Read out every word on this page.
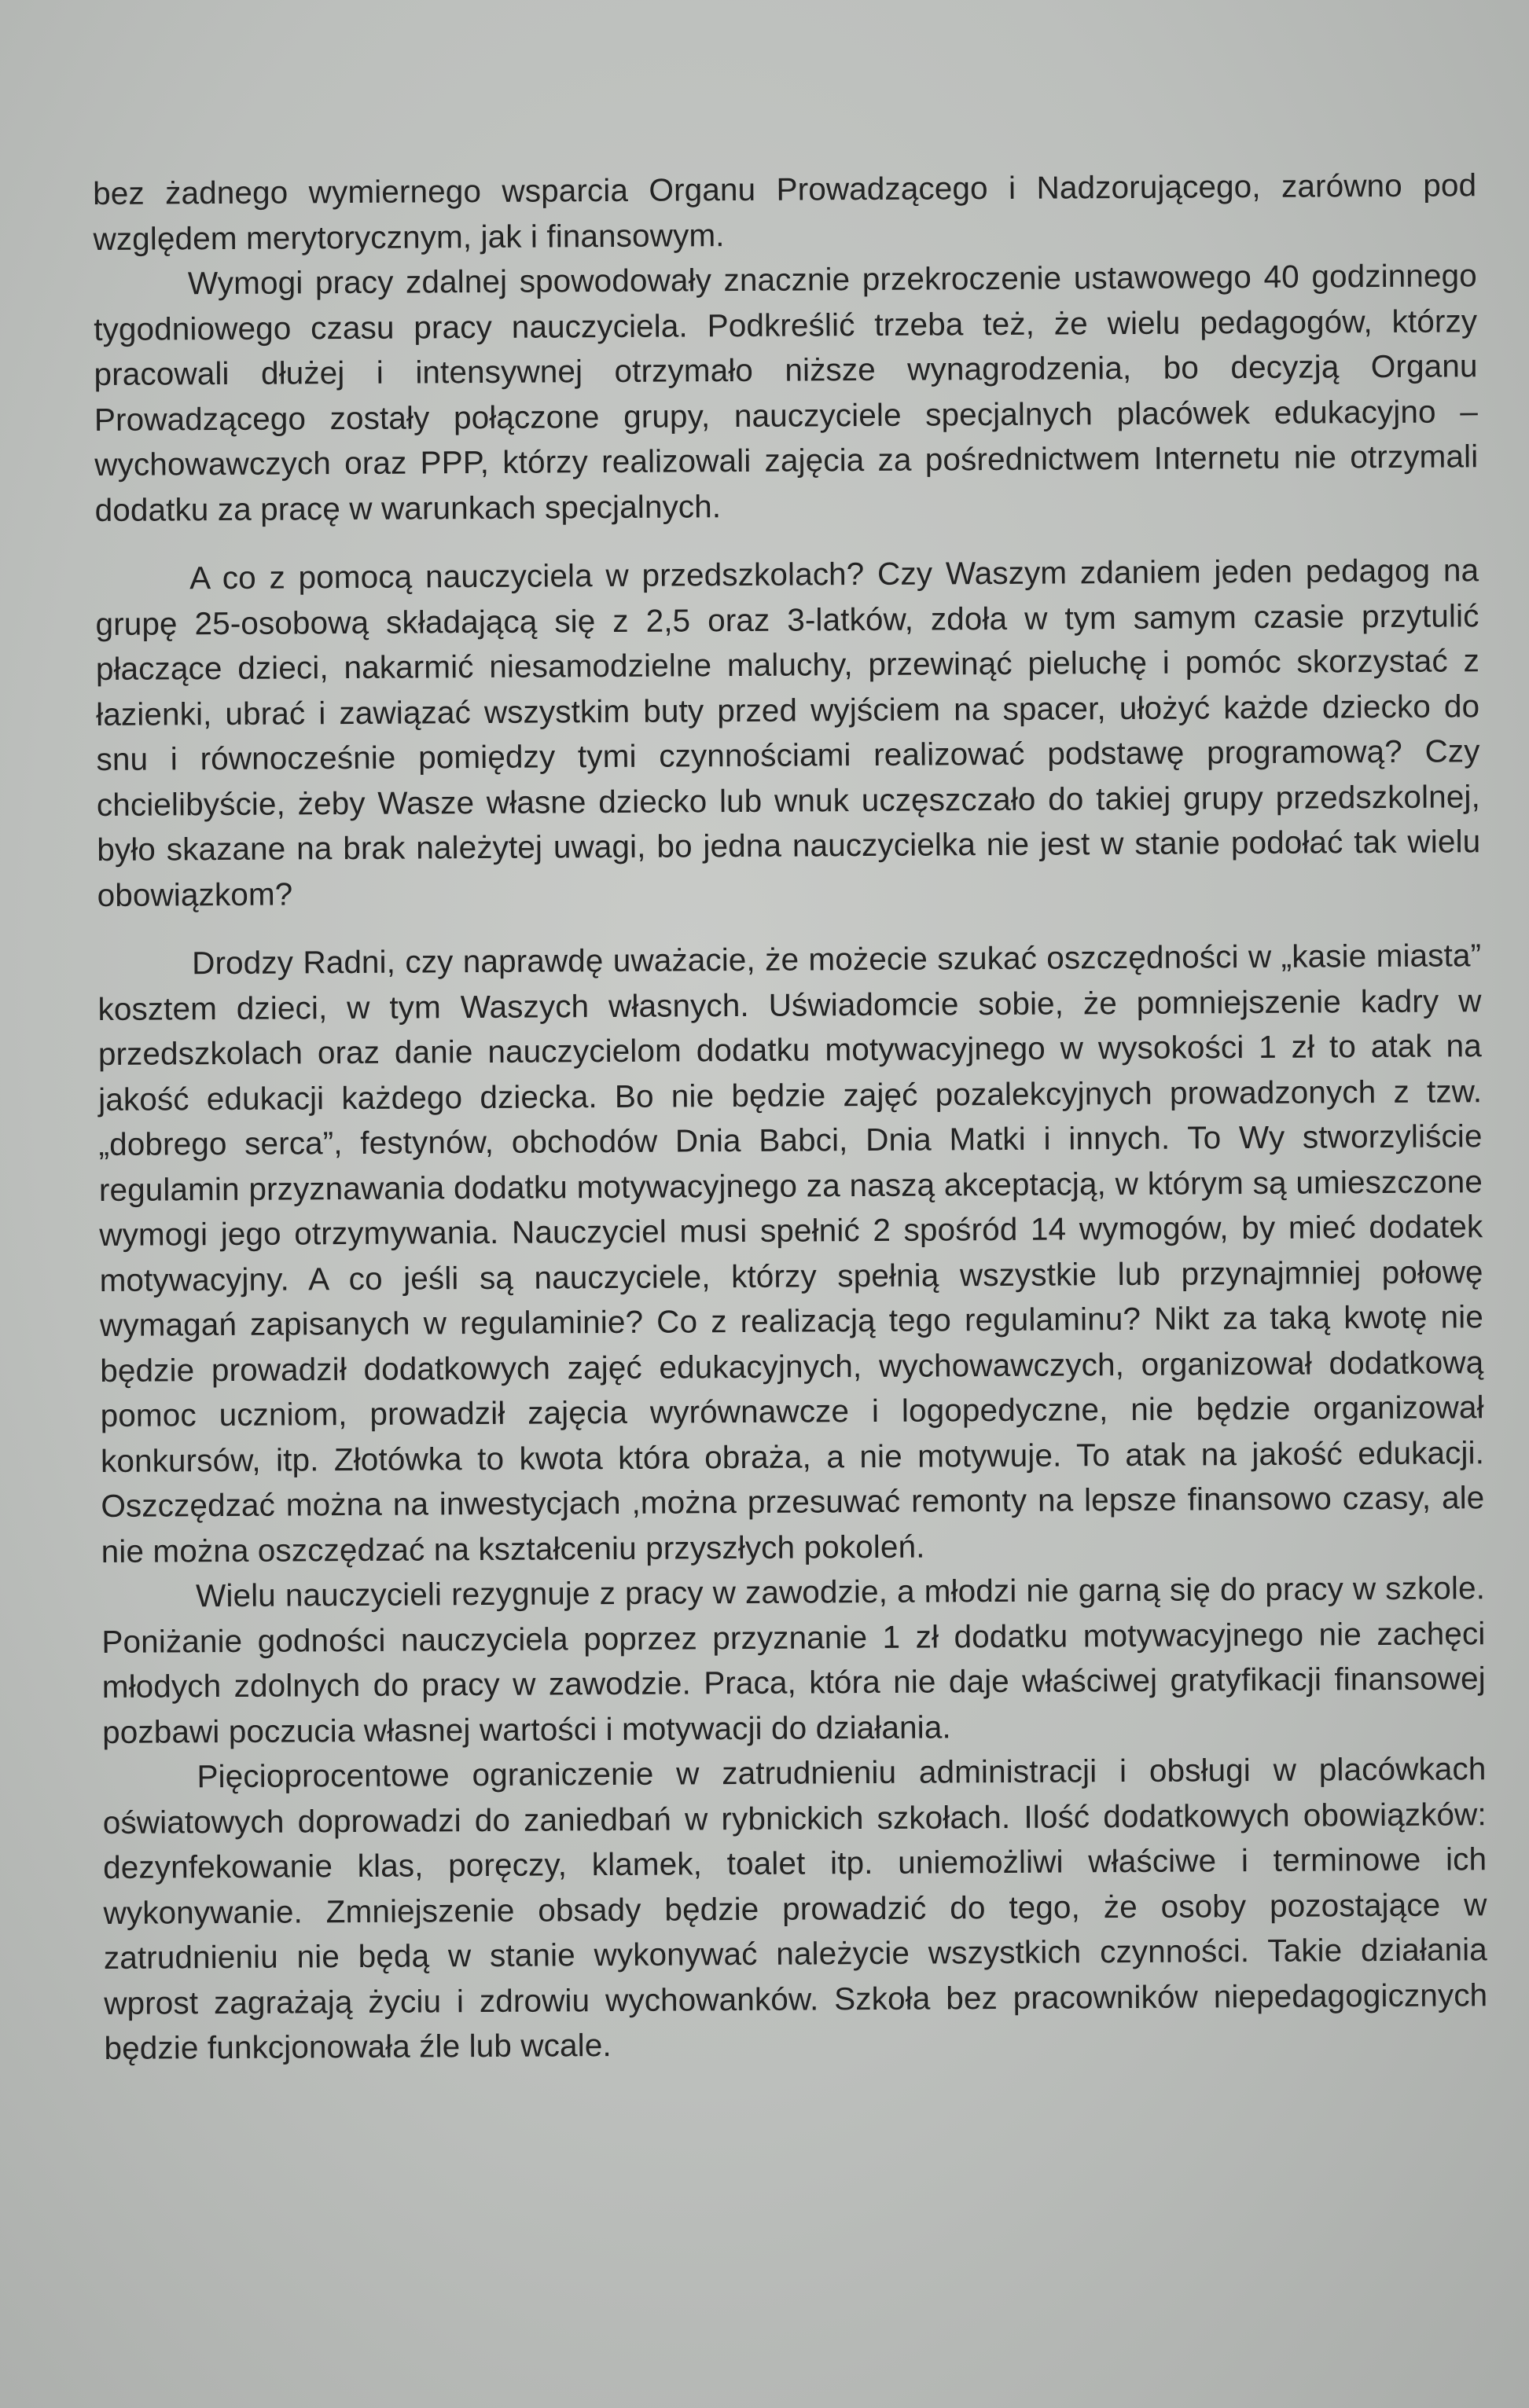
bez żadnego wymiernego wsparcia Organu Prowadzącego i Nadzorującego, zarówno pod względem merytorycznym, jak i finansowym.

Wymogi pracy zdalnej spowodowały znacznie przekroczenie ustawowego 40 godzinnego tygodniowego czasu pracy nauczyciela. Podkreślić trzeba też, że wielu pedagogów, którzy pracowali dłużej i intensywnej otrzymało niższe wynagrodzenia, bo decyzją Organu Prowadzącego zostały połączone grupy, nauczyciele specjalnych placówek edukacyjno – wychowawczych oraz PPP, którzy realizowali zajęcia za pośrednictwem Internetu nie otrzymali dodatku za pracę w warunkach specjalnych.

A co z pomocą nauczyciela w przedszkolach? Czy Waszym zdaniem jeden pedagog na grupę 25-osobową składającą się z 2,5 oraz 3-latków, zdoła w tym samym czasie przytulić płaczące dzieci, nakarmić niesamodzielne maluchy, przewinąć pieluchę i pomóc skorzystać z łazienki, ubrać i zawiązać wszystkim buty przed wyjściem na spacer, ułożyć każde dziecko do snu i równocześnie pomiędzy tymi czynnościami realizować podstawę programową? Czy chcielibyście, żeby Wasze własne dziecko lub wnuk uczęszczało do takiej grupy przedszkolnej, było skazane na brak należytej uwagi, bo jedna nauczycielka nie jest w stanie podołać tak wielu obowiązkom?

Drodzy Radni, czy naprawdę uważacie, że możecie szukać oszczędności w „kasie miasta” kosztem dzieci, w tym Waszych własnych. Uświadomcie sobie, że pomniejszenie kadry w przedszkolach oraz danie nauczycielom dodatku motywacyjnego w wysokości 1 zł to atak na jakość edukacji każdego dziecka. Bo nie będzie zajęć pozalekcyjnych prowadzonych z tzw. „dobrego serca”, festynów, obchodów Dnia Babci, Dnia Matki i innych. To Wy stworzyliście regulamin przyznawania dodatku motywacyjnego za naszą akceptacją, w którym są umieszczone wymogi jego otrzymywania. Nauczyciel musi spełnić 2 spośród 14 wymogów, by mieć dodatek motywacyjny. A co jeśli są nauczyciele, którzy spełnią wszystkie lub przynajmniej połowę wymagań zapisanych w regulaminie? Co z realizacją tego regulaminu? Nikt za taką kwotę nie będzie prowadził dodatkowych zajęć edukacyjnych, wychowawczych, organizował dodatkową pomoc uczniom, prowadził zajęcia wyrównawcze i logopedyczne, nie będzie organizował konkursów, itp. Złotówka to kwota która obraża, a nie motywuje. To atak na jakość edukacji. Oszczędzać można na inwestycjach ,można przesuwać remonty na lepsze finansowo czasy, ale nie można oszczędzać na kształceniu przyszłych pokoleń.

Wielu nauczycieli rezygnuje z pracy w zawodzie, a młodzi nie garną się do pracy w szkole. Poniżanie godności nauczyciela poprzez przyznanie 1 zł dodatku motywacyjnego nie zachęci młodych zdolnych do pracy w zawodzie. Praca, która nie daje właściwej gratyfikacji finansowej pozbawi poczucia własnej wartości i motywacji do działania.

Pięcioprocentowe ograniczenie w zatrudnieniu administracji i obsługi w placówkach oświatowych doprowadzi do zaniedbań w rybnickich szkołach. Ilość dodatkowych obowiązków: dezynfekowanie klas, poręczy, klamek, toalet itp. uniemożliwi właściwe i terminowe ich wykonywanie. Zmniejszenie obsady będzie prowadzić do tego, że osoby pozostające w zatrudnieniu nie będą w stanie wykonywać należycie wszystkich czynności. Takie działania wprost zagrażają życiu i zdrowiu wychowanków. Szkoła bez pracowników niepedagogicznych będzie funkcjonowała źle lub wcale.
